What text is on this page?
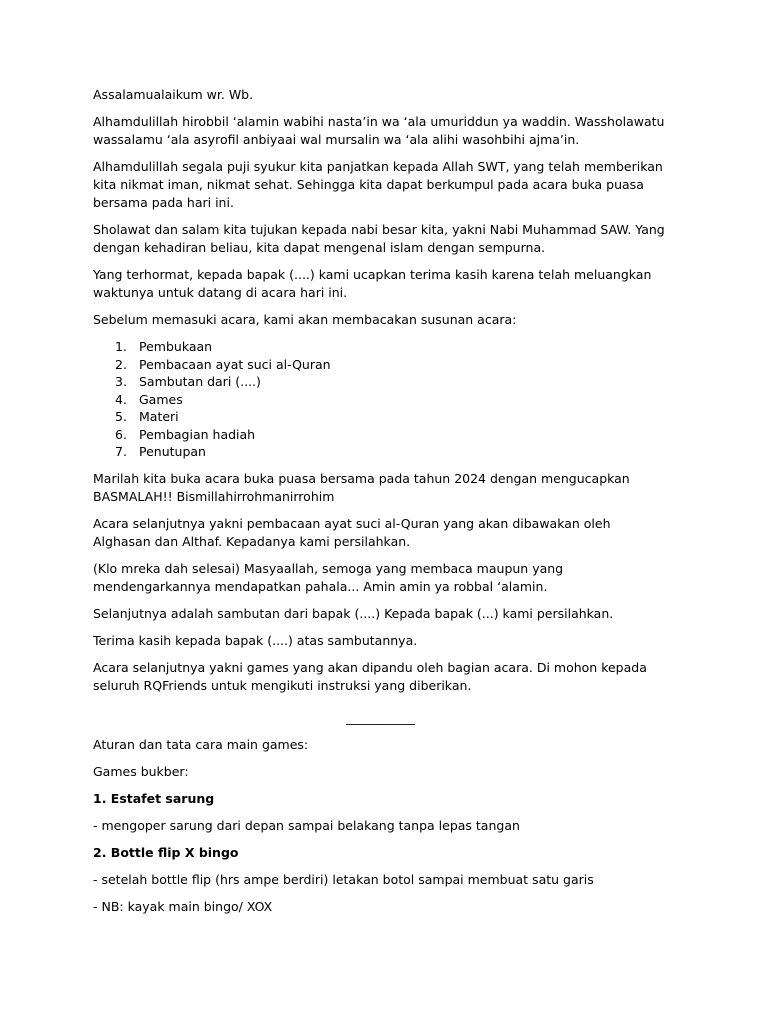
Assalamualaikum wr. Wb.

Alhamdulillah hirobbil ‘alamin wabihi nasta’in wa ‘ala umuriddun ya waddin. Wassholawatu wassalamu ‘ala asyrofil anbiyaai wal mursalin wa ‘ala alihi wasohbihi ajma’in.

Alhamdulillah segala puji syukur kita panjatkan kepada Allah SWT, yang telah memberikan kita nikmat iman, nikmat sehat. Sehingga kita dapat berkumpul pada acara buka puasa bersama pada hari ini.

Sholawat dan salam kita tujukan kepada nabi besar kita, yakni Nabi Muhammad SAW. Yang dengan kehadiran beliau, kita dapat mengenal islam dengan sempurna.

Yang terhormat, kepada bapak (....) kami ucapkan terima kasih karena telah meluangkan waktunya untuk datang di acara hari ini.

Sebelum memasuki acara, kami akan membacakan susunan acara:

1. Pembukaan
2. Pembacaan ayat suci al-Quran
3. Sambutan dari (....)
4. Games
5. Materi
6. Pembagian hadiah
7. Penutupan

Marilah kita buka acara buka puasa bersama pada tahun 2024 dengan mengucapkan BASMALAH!! Bismillahirrohmanirrohim

Acara selanjutnya yakni pembacaan ayat suci al-Quran yang akan dibawakan oleh Alghasan dan Althaf. Kepadanya kami persilahkan.

(Klo mreka dah selesai) Masyaallah, semoga yang membaca maupun yang mendengarkannya mendapatkan pahala... Amin amin ya robbal ‘alamin.

Selanjutnya adalah sambutan dari bapak (....) Kepada bapak (...) kami persilahkan.

Terima kasih kepada bapak (....) atas sambutannya.

Acara selanjutnya yakni games yang akan dipandu oleh bagian acara. Di mohon kepada seluruh RQFriends untuk mengikuti instruksi yang diberikan.

___________

Aturan dan tata cara main games:

Games bukber:

1. Estafet sarung

- mengoper sarung dari depan sampai belakang tanpa lepas tangan

2. Bottle flip X bingo

- setelah bottle flip (hrs ampe berdiri) letakan botol sampai membuat satu garis

- NB: kayak main bingo/ XOX
